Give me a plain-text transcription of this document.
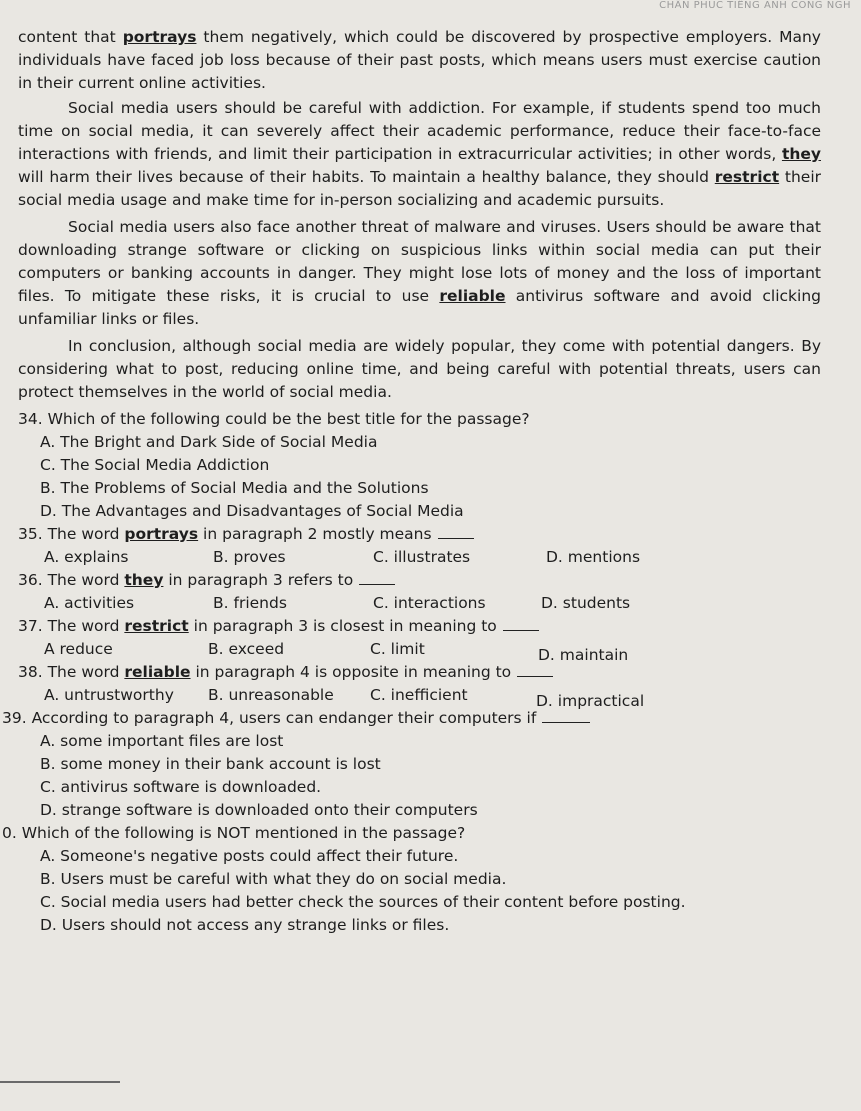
CHÂN PHÚC TIẾNG ANH CÔNG NGH

content that portrays them negatively, which could be discovered by prospective employers. Many individuals have faced job loss because of their past posts, which means users must exercise caution in their current online activities.

Social media users should be careful with addiction. For example, if students spend too much time on social media, it can severely affect their academic performance, reduce their face-to-face interactions with friends, and limit their participation in extracurricular activities; in other words, they will harm their lives because of their habits. To maintain a healthy balance, they should restrict their social media usage and make time for in-person socializing and academic pursuits.

Social media users also face another threat of malware and viruses. Users should be aware that downloading strange software or clicking on suspicious links within social media can put their computers or banking accounts in danger. They might lose lots of money and the loss of important files. To mitigate these risks, it is crucial to use reliable antivirus software and avoid clicking unfamiliar links or files.

In conclusion, although social media are widely popular, they come with potential dangers. By considering what to post, reducing online time, and being careful with potential threats, users can protect themselves in the world of social media.

34. Which of the following could be the best title for the passage?
A. The Bright and Dark Side of Social Media
C. The Social Media Addiction
B. The Problems of Social Media and the Solutions
D. The Advantages and Disadvantages of Social Media
35. The word portrays in paragraph 2 mostly means
A. explains	B. proves	C. illustrates	D. mentions
36. The word they in paragraph 3 refers to
A. activities	B. friends	C. interactions	D. students
37. The word restrict in paragraph 3 is closest in meaning to
A reduce	B. exceed	C. limit	D. maintain
38. The word reliable in paragraph 4 is opposite in meaning to
A. untrustworthy B. unreasonable C. inefficient	D. impractical
39. According to paragraph 4, users can endanger their computers if
A. some important files are lost
B. some money in their bank account is lost
C. antivirus software is downloaded.
D. strange software is downloaded onto their computers
0. Which of the following is NOT mentioned in the passage?
A. Someone's negative posts could affect their future.
B. Users must be careful with what they do on social media.
C. Social media users had better check the sources of their content before posting.
D. Users should not access any strange links or files.
